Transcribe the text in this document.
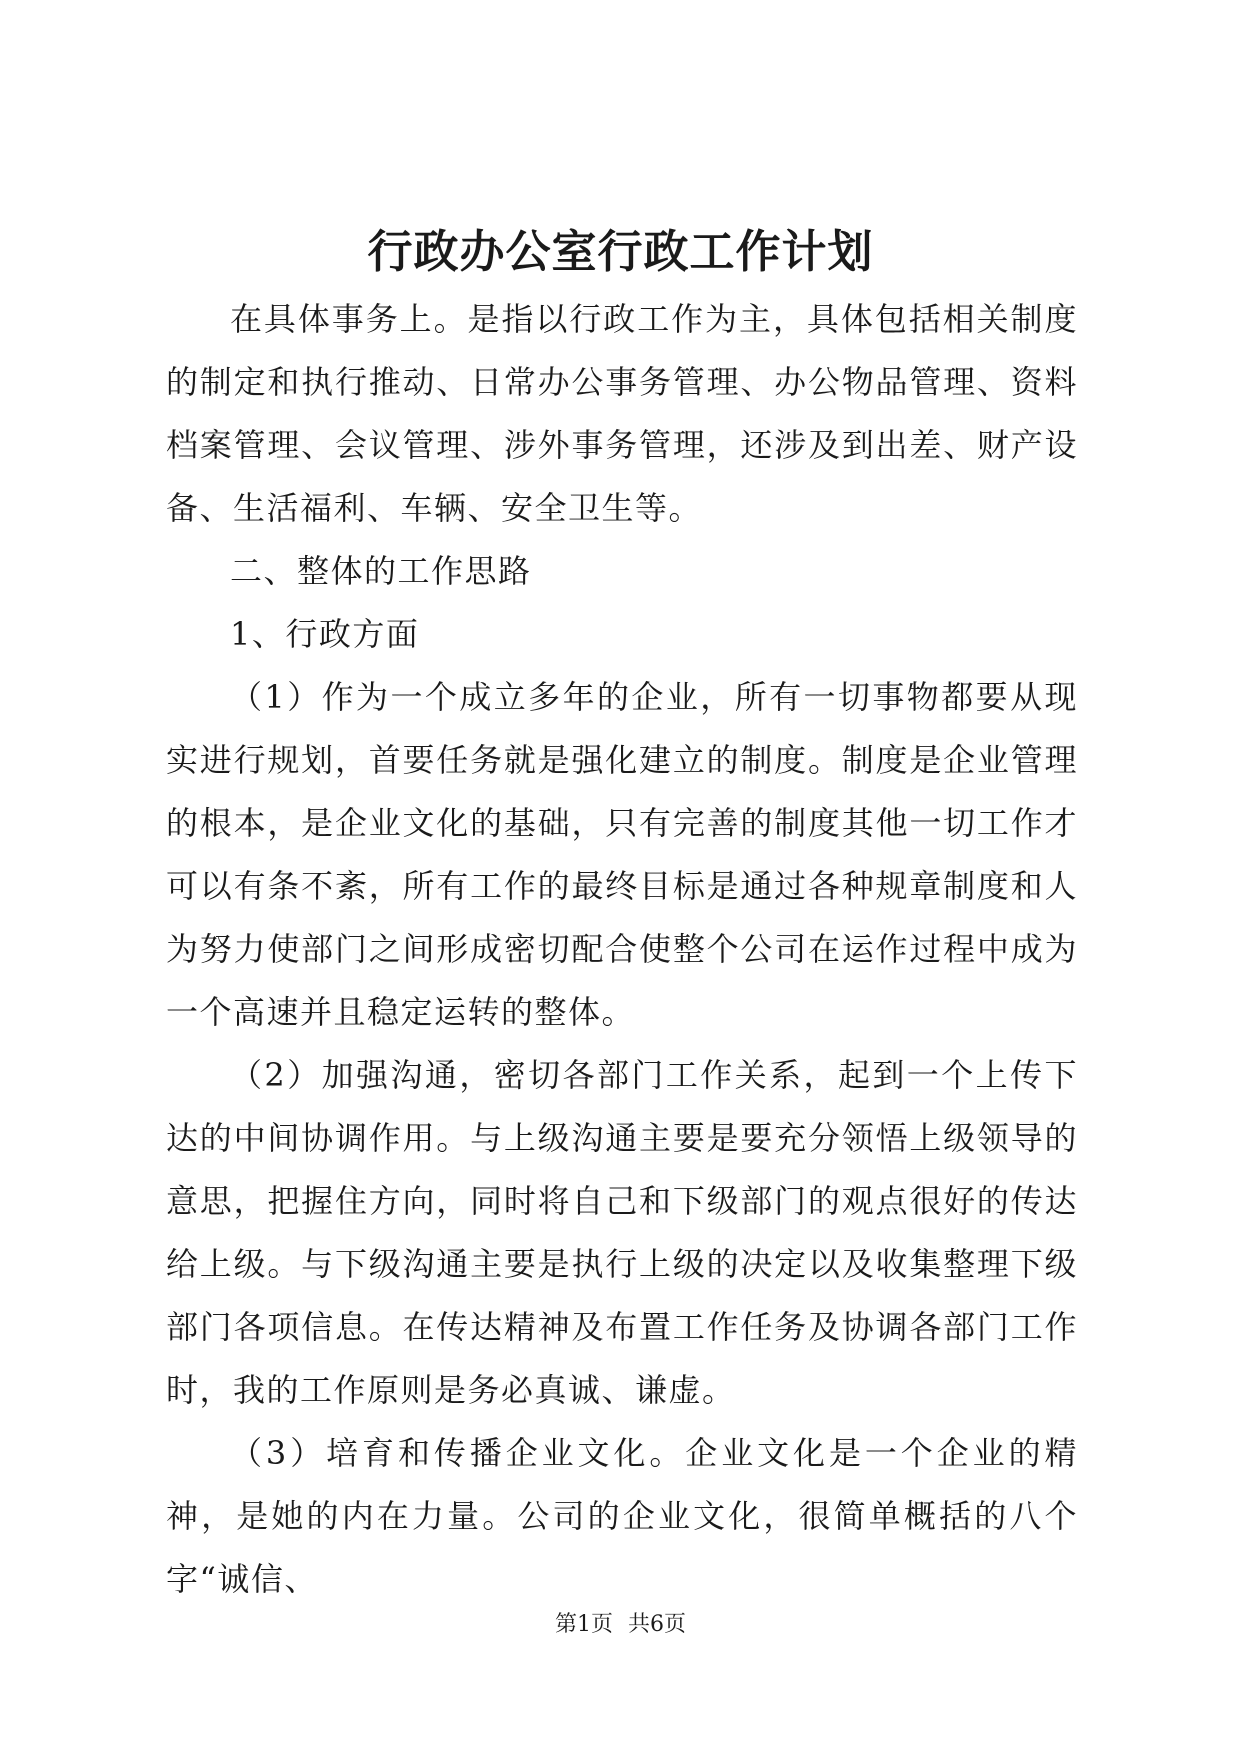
行政办公室行政工作计划

在具体事务上。是指以行政工作为主，具体包括相关制度的制定和执行推动、日常办公事务管理、办公物品管理、资料档案管理、会议管理、涉外事务管理，还涉及到出差、财产设备、生活福利、车辆、安全卫生等。

二、整体的工作思路

1、行政方面

（1）作为一个成立多年的企业，所有一切事物都要从现实进行规划，首要任务就是强化建立的制度。制度是企业管理的根本，是企业文化的基础，只有完善的制度其他一切工作才可以有条不紊，所有工作的最终目标是通过各种规章制度和人为努力使部门之间形成密切配合使整个公司在运作过程中成为一个高速并且稳定运转的整体。

（2）加强沟通，密切各部门工作关系，起到一个上传下达的中间协调作用。与上级沟通主要是要充分领悟上级领导的意思，把握住方向，同时将自己和下级部门的观点很好的传达给上级。与下级沟通主要是执行上级的决定以及收集整理下级部门各项信息。在传达精神及布置工作任务及协调各部门工作时，我的工作原则是务必真诚、谦虚。

（3）培育和传播企业文化。企业文化是一个企业的精神，是她的内在力量。公司的企业文化，很简单概括的八个字“诚信、

第1页 共6页
